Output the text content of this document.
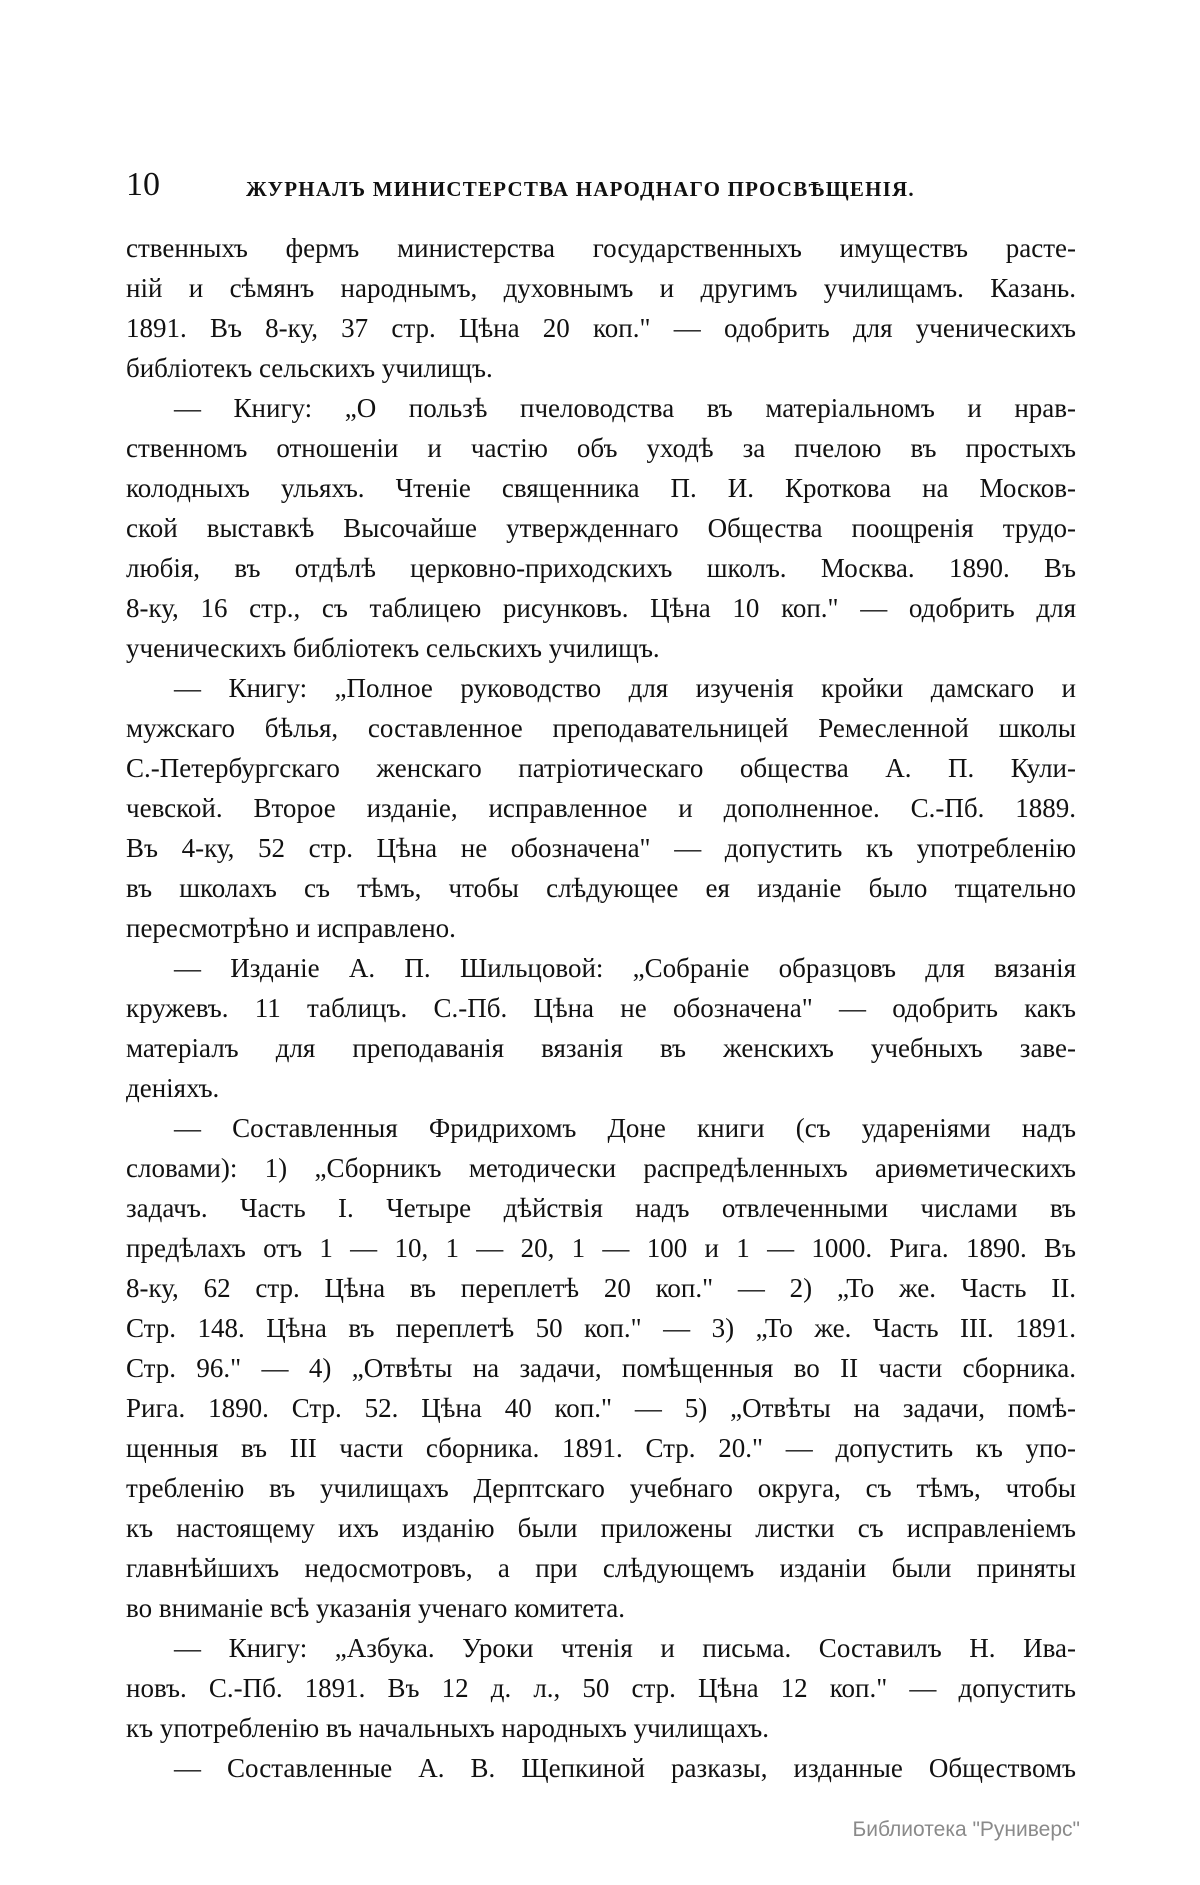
10	ЖУРНАЛЪ МИНИСТЕРСТВА НАРОДНАГО ПРОСВѢЩЕНІЯ.
ственныхъ фермъ министерства государственныхъ имуществъ расте-
ній и сѣмянъ народнымъ, духовнымъ и другимъ училищамъ. Казань.
1891. Въ 8-ку, 37 стр. Цѣна 20 коп." — одобрить для ученическихъ
библіотекъ сельскихъ училищъ.
— Книгу: „О пользѣ пчеловодства въ матеріальномъ и нрав-
ственномъ отношеніи и частію объ уходѣ за пчелою въ простыхъ
колодныхъ ульяхъ. Чтеніе священника П. И. Кроткова на Москов-
ской выставкѣ Высочайше утвержденнаго Общества поощренія трудо-
любія, въ отдѣлѣ церковно-приходскихъ школъ. Москва. 1890. Въ
8-ку, 16 стр., съ таблицею рисунковъ. Цѣна 10 коп." — одобрить для
ученическихъ библіотекъ сельскихъ училищъ.
— Книгу: „Полное руководство для изученія кройки дамскаго и
мужскаго бѣлья, составленное преподавательницей Ремесленной школы
С.-Петербургскаго женскаго патріотическаго общества А. П. Кули-
чевской. Второе изданіе, исправленное и дополненное. С.-Пб. 1889.
Въ 4-ку, 52 стр. Цѣна не обозначена" — допустить къ употребленію
въ школахъ съ тѣмъ, чтобы слѣдующее ея изданіе было тщательно
пересмотрѣно и исправлено.
— Изданіе А. П. Шильцовой: „Собраніе образцовъ для вязанія
кружевъ. 11 таблицъ. С.-Пб. Цѣна не обозначена" — одобрить какъ
матеріалъ для преподаванія вязанія въ женскихъ учебныхъ заве-
деніяхъ.
— Составленныя Фридрихомъ Доне книги (съ удареніями надъ
словами): 1) „Сборникъ методически распредѣленныхъ ариѳметическихъ
задачъ. Часть I. Четыре дѣйствія надъ отвлеченными числами въ
предѣлахъ отъ 1 — 10, 1 — 20, 1 — 100 и 1 — 1000. Рига. 1890. Въ
8-ку, 62 стр. Цѣна въ переплетѣ 20 коп." — 2) „То же. Часть II.
Стр. 148. Цѣна въ переплетѣ 50 коп." — 3) „То же. Часть III. 1891.
Стр. 96." — 4) „Отвѣты на задачи, помѣщенныя во II части сборника.
Рига. 1890. Стр. 52. Цѣна 40 коп." — 5) „Отвѣты на задачи, помѣ-
щенныя въ III части сборника. 1891. Стр. 20." — допустить къ упо-
требленію въ училищахъ Дерптскаго учебнаго округа, съ тѣмъ, чтобы
къ настоящему ихъ изданію были приложены листки съ исправленіемъ
главнѣйшихъ недосмотровъ, а при слѣдующемъ изданіи были приняты
во вниманіе всѣ указанія ученаго комитета.
— Книгу: „Азбука. Уроки чтенія и письма. Составилъ Н. Ива-
новъ. С.-Пб. 1891. Въ 12 д. л., 50 стр. Цѣна 12 коп." — допустить
къ употребленію въ начальныхъ народныхъ училищахъ.
— Составленные А. В. Щепкиной разказы, изданные Обществомъ
Библиотека "Руниверс"
